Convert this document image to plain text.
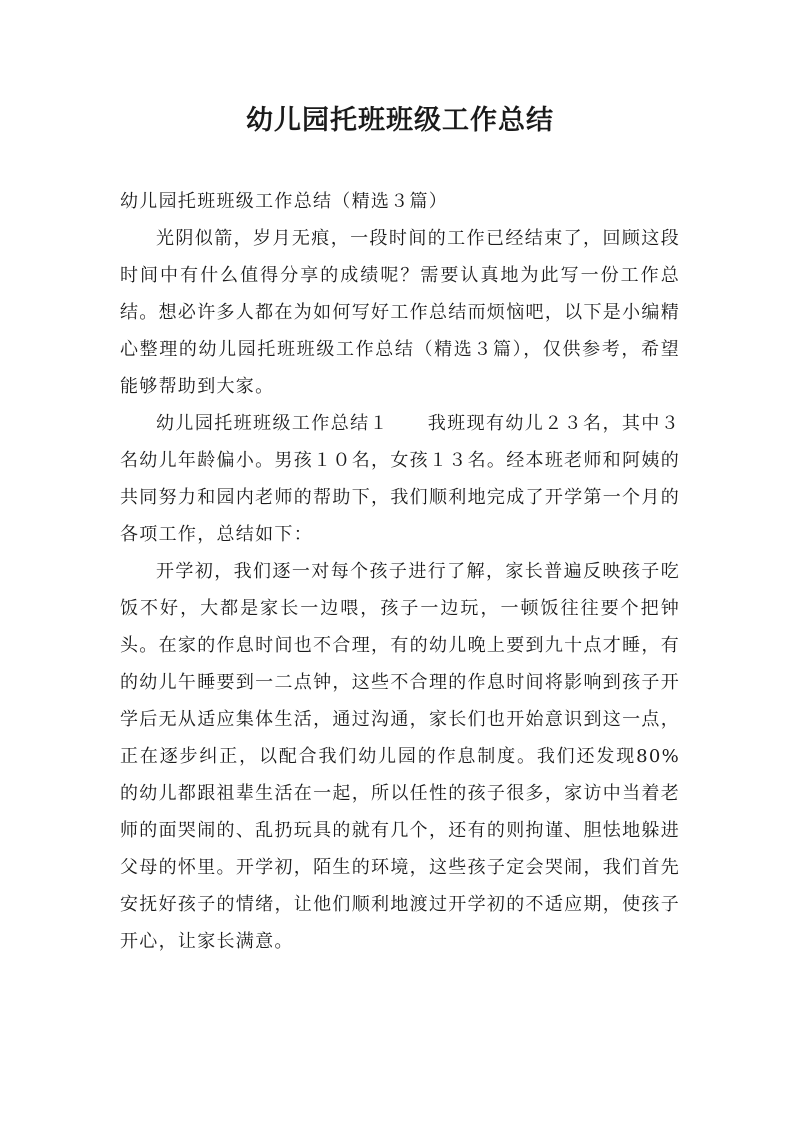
幼儿园托班班级工作总结

幼儿园托班班级工作总结（精选３篇）

光阴似箭，岁月无痕，一段时间的工作已经结束了，回顾这段时间中有什么值得分享的成绩呢？需要认真地为此写一份工作总结。想必许多人都在为如何写好工作总结而烦恼吧，以下是小编精心整理的幼儿园托班班级工作总结（精选３篇），仅供参考，希望能够帮助到大家。

幼儿园托班班级工作总结１　　我班现有幼儿２３名，其中３名幼儿年龄偏小。男孩１０名，女孩１３名。经本班老师和阿姨的共同努力和园内老师的帮助下，我们顺利地完成了开学第一个月的各项工作，总结如下：

开学初，我们逐一对每个孩子进行了解，家长普遍反映孩子吃饭不好，大都是家长一边喂，孩子一边玩，一顿饭往往要个把钟头。在家的作息时间也不合理，有的幼儿晚上要到九十点才睡，有的幼儿午睡要到一二点钟，这些不合理的作息时间将影响到孩子开学后无从适应集体生活，通过沟通，家长们也开始意识到这一点，正在逐步纠正，以配合我们幼儿园的作息制度。我们还发现80%的幼儿都跟祖辈生活在一起，所以任性的孩子很多，家访中当着老师的面哭闹的、乱扔玩具的就有几个，还有的则拘谨、胆怯地躲进父母的怀里。开学初，陌生的环境，这些孩子定会哭闹，我们首先安抚好孩子的情绪，让他们顺利地渡过开学初的不适应期，使孩子开心，让家长满意。
